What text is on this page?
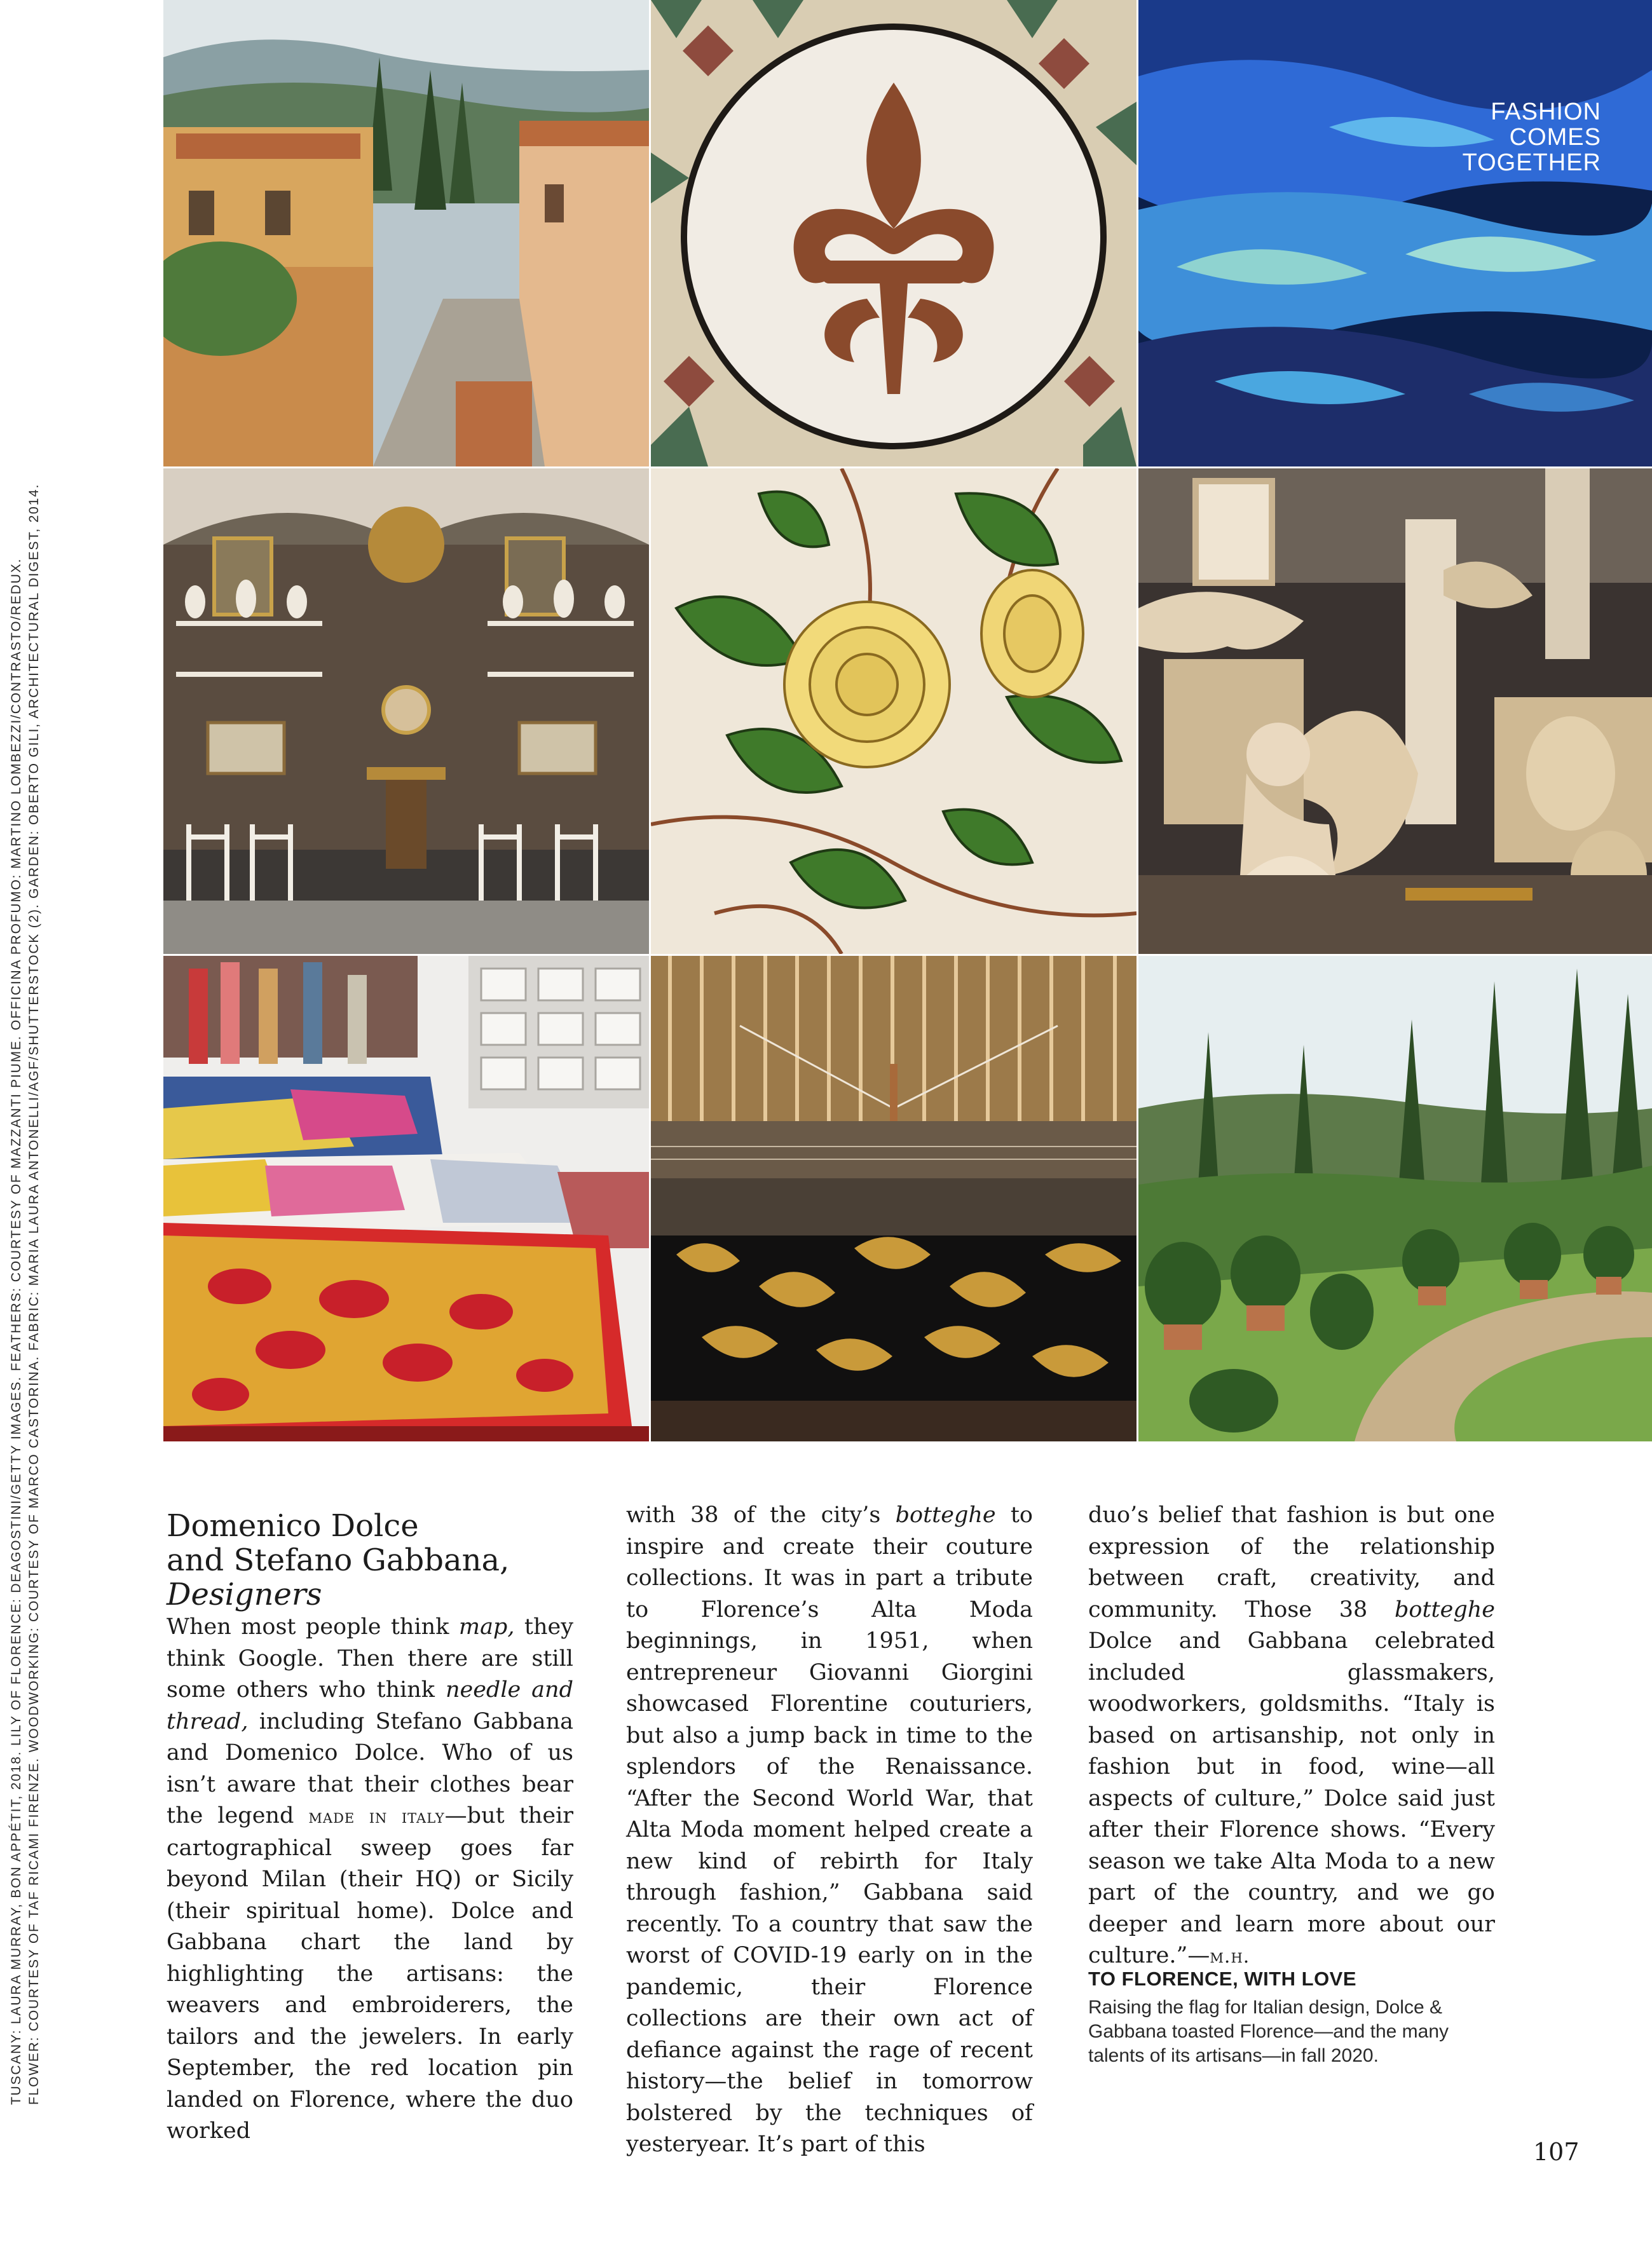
FASHION
COMES
TOGETHER
TUSCANY: LAURA MURRAY, BON APPÉTIT, 2018. LILY OF FLORENCE: DEAGOSTINI/GETTY IMAGES. FEATHERS: COURTESY OF MAZZANTI PIUME. OFFICINA PROFUMO: MARTINO LOMBEZZI/CONTRASTO/REDUX. FLOWER: COURTESY OF TAF RICAMI FIRENZE. WOODWORKING: COURTESY OF MARCO CASTORINA. FABRIC: MARIA LAURA ANTONELLI/AGF/SHUTTERSTOCK (2). GARDEN: OBERTO GILI, ARCHITECTURAL DIGEST, 2014.	Domenico Dolce
and Stefano Gabbana,
Designers

When most people think map, they think Google. Then there are still some others who think needle and thread, including Stefano Gabbana and Domenico Dolce. Who of us isn’t aware that their clothes bear the legend made in italy—but their cartographical sweep goes far beyond Milan (their HQ) or Sicily (their spiritual home). Dolce and Gabbana chart the land by highlighting the artisans: the weavers and embroiderers, the tailors and the jewelers. In early September, the red location pin landed on Florence, where the duo worked

with 38 of the city’s botteghe to inspire and create their couture collections. It was in part a tribute to Florence’s Alta Moda beginnings, in 1951, when entrepreneur Giovanni Giorgini showcased Florentine couturiers, but also a jump back in time to the splendors of the Renaissance. “After the Second World War, that Alta Moda moment helped create a new kind of rebirth for Italy through fashion,” Gabbana said recently. To a country that saw the worst of COVID-19 early on in the pandemic, their Florence collections are their own act of defiance against the rage of recent history—the belief in tomorrow bolstered by the techniques of yesteryear. It’s part of this

duo’s belief that fashion is but one expression of the relationship between craft, creativity, and community. Those 38 botteghe Dolce and Gabbana celebrated included glassmakers, woodworkers, goldsmiths. “Italy is based on artisanship, not only in fashion but in food, wine—all aspects of culture,” Dolce said just after their Florence shows. “Every season we take Alta Moda to a new part of the country, and we go deeper and learn more about our culture.”—m.h.

TO FLORENCE, WITH LOVE

Raising the flag for Italian design, Dolce & Gabbana toasted Florence—and the many talents of its artisans—in fall 2020.

107
